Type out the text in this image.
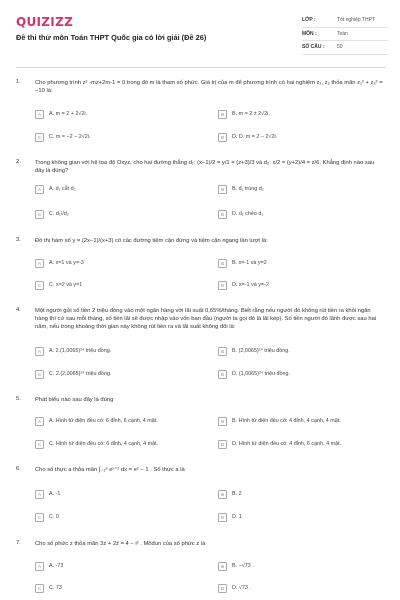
QUIZIZZ
Đề thi thử môn Toán THPT Quốc gia có lời giải (Đề 26)
LỚP :	Tốt nghiệp THPT
MÔN :	Toán
SỐ CÂU :	50
1. Cho phương trình z² -mz+2m-1 = 0 trong đó m là tham số phức. Giá trị của m để phương trình có hai nghiệm z₁, z₂ thỏa mãn z₁² + z₂² = −10 là:
A	A. m = 2 + 2√2i.	B	B. m = 2 ± 2√2i.
C	C. m = −2 − 2√2i.	D	D. D. m = 2 − 2√2i.
2. Trong không gian với hệ tọa độ Oxyz, cho hai đường thẳng d₁: (x−1)/2 = y/1 = (z+3)/3 và d₂: x/2 = (y+2)/4 = z/6. Khẳng định nào sau đây là đúng?
A	A. d₁ cắt d₂	B	B. d₁ trùng d₂
C	C. d₁//d₂	D	D. d₁ chéo d₂
3. Đồ thị hàm số y = (2x−1)/(x+3) có các đường tiệm cận đứng và tiệm cận ngang lần lượt là:
A	A. x=1 và y=-3	B	B. x=-1 và y=2
C	C. x=2 và y=1	D	D. x=-1 và y=-2
4. Một người gửi số tiền 2 triệu đồng vào một ngân hàng với lãi suất 0,65%/tháng. Biết rằng nếu người đó không rút tiền ra khỏi ngân hàng thì cứ sau mỗi tháng, số tiền lãi sẽ được nhập vào vốn ban đầu (người ta gọi đó là lãi kép). Số tiền người đó lãnh được sau hai năm, nếu trong khoảng thời gian này không rút tiền ra và lãi suất không đổi là:
A	A. 2.(1,0065)²⁴ triệu đồng.	B	B. (2,0065)²⁴ triệu đồng.
C	C. 2.(2,0065)²⁴ triệu đồng.	D	D. (1,0065)²⁴ triệu đồng.
5. Phát biểu nào sau đây là đúng
A	A. Hình tứ diện đều có: 6 đỉnh, 6 cạnh, 4 mặt.	B	B. Hình tứ diện đều có: 4 đỉnh, 4 cạnh, 4 mặt.
C	C. Hình tứ diện đều có: 6 đỉnh, 4 cạnh, 4 mặt.	D	D. Hình tứ diện đều có: 4 đỉnh, 6 cạnh, 4 mặt.
6. Cho số thực a thỏa mãn ∫₋₁ᵃ eˣ⁺¹ dx = e² − 1 . Số thực a là
A	A. -1	B	B. 2
C	C. 0	D	D. 1
7. Cho số phức z thỏa mãn 3z + 2z̄ = 4 − i² . Môđun của số phức z là
A	A. -73	B	B. −√73 .
C	C. 73	D	D. √73 .
